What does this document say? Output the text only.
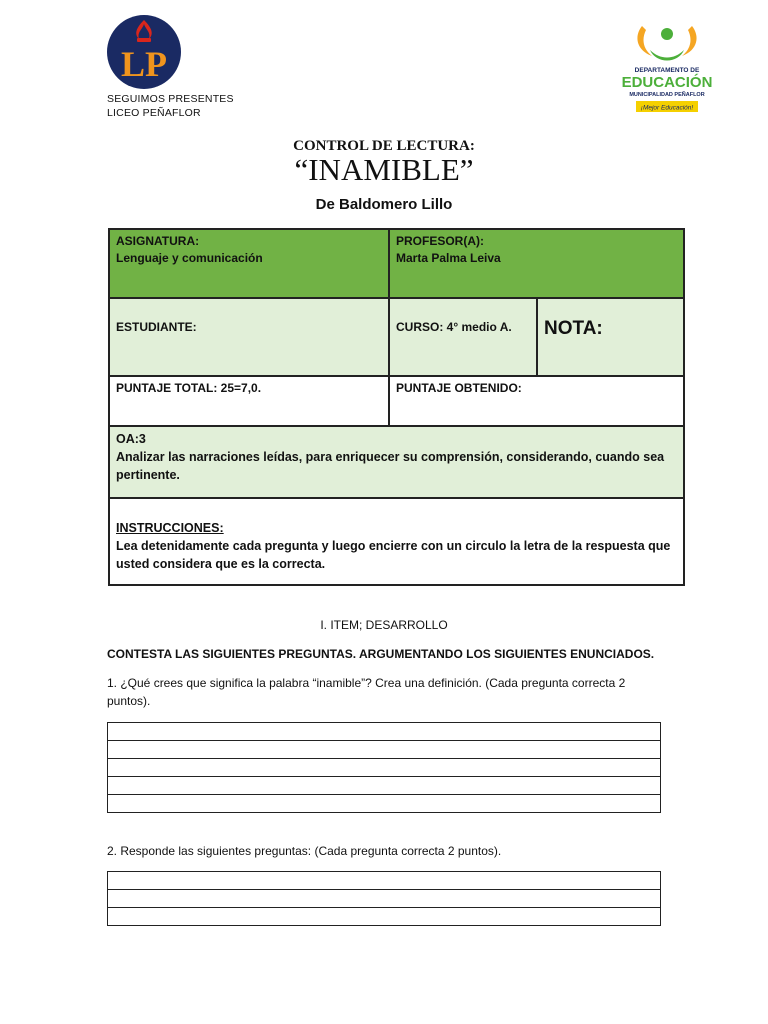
LP
SEGUIMOS PRESENTES
LICEO PEÑAFLOR
DEPARTAMENTO DE
EDUCACIÓN
MUNICIPALIDAD PEÑAFLOR
¡Mejor Educación!
CONTROL DE LECTURA:
“INAMIBLE”
De Baldomero Lillo
ASIGNATURA:
Lenguaje y comunicación
PROFESOR(A):
Marta Palma Leiva
ESTUDIANTE:	CURSO: 4° medio A.	NOTA:
PUNTAJE TOTAL: 25=7,0.	PUNTAJE OBTENIDO:
OA:3
Analizar las narraciones leídas, para enriquecer su comprensión, considerando, cuando sea pertinente.
INSTRUCCIONES:
Lea detenidamente cada pregunta y luego encierre con un circulo la letra de la respuesta que usted considera que es la correcta.
I. ITEM; DESARROLLO
CONTESTA LAS SIGUIENTES PREGUNTAS. ARGUMENTANDO LOS SIGUIENTES ENUNCIADOS.
1. ¿Qué crees que significa la palabra “inamible”? Crea una definición. (Cada pregunta correcta 2 puntos).
2. Responde las siguientes preguntas: (Cada pregunta correcta 2 puntos).
